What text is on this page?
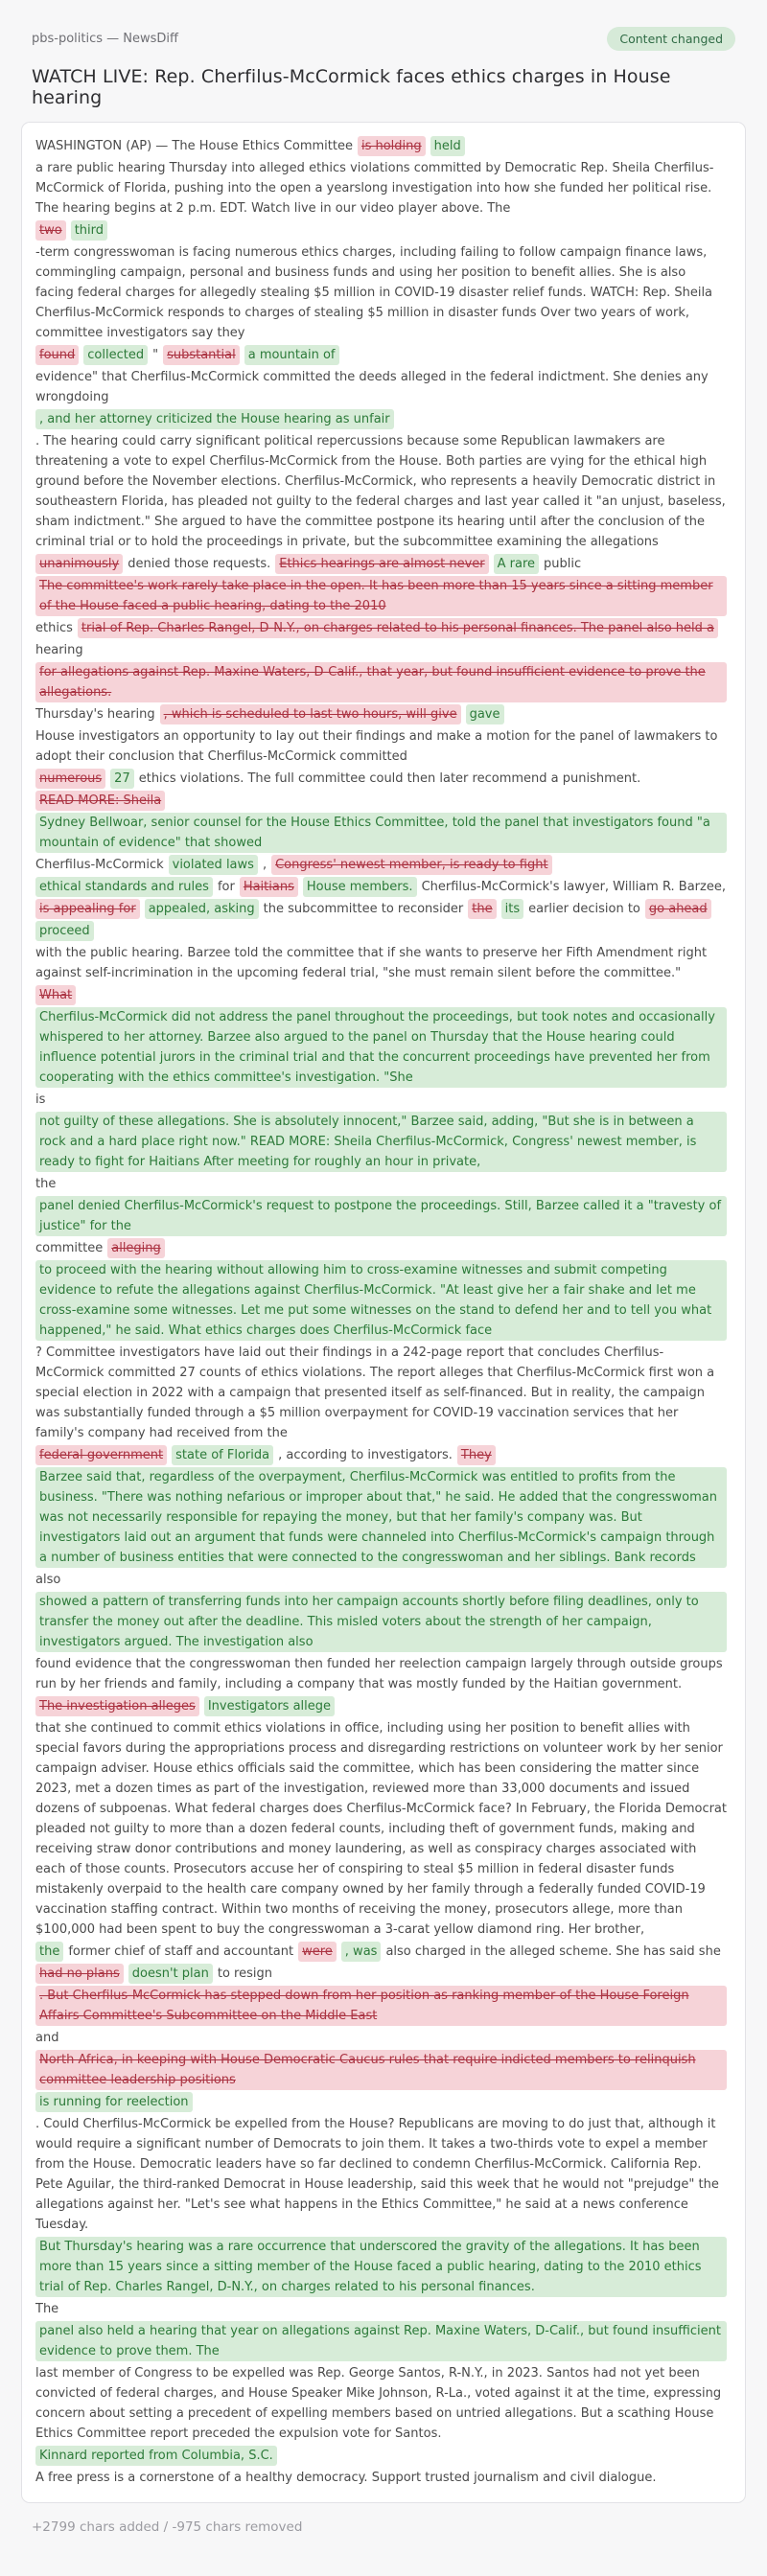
pbs-politics — NewsDiff	Content changed
WATCH LIVE: Rep. Cherfilus-McCormick faces ethics charges in House hearing
WASHINGTON (AP) — The House Ethics Committee is holding helda rare public hearing Thursday into alleged ethics violations committed by Democratic Rep. Sheila Cherfilus-McCormick of Florida, pushing into the open a yearslong investigation into how she funded her political rise. The hearing begins at 2 p.m. EDT. Watch live in our video player above. Thetwo third-term congresswoman is facing numerous ethics charges, including failing to follow campaign finance laws, commingling campaign, personal and business funds and using her position to benefit allies. She is also facing federal charges for allegedly stealing $5 million in COVID-19 disaster relief funds. WATCH: Rep. Sheila Cherfilus-McCormick responds to charges of stealing $5 million in disaster funds Over two years of work, committee investigators say theyfound collected " substantial a mountain ofevidence" that Cherfilus-McCormick committed the deeds alleged in the federal indictment. She denies any wrongdoing, and her attorney criticized the House hearing as unfair. The hearing could carry significant political repercussions because some Republican lawmakers are threatening a vote to expel Cherfilus-McCormick from the House. Both parties are vying for the ethical high ground before the November elections. Cherfilus-McCormick, who represents a heavily Democratic district in southeastern Florida, has pleaded not guilty to the federal charges and last year called it "an unjust, baseless, sham indictment." She argued to have the committee postpone its hearing until after the conclusion of the criminal trial or to hold the proceedings in private, but the subcommittee examining the allegationsunanimously denied those requests. Ethics hearings are almost never A rare publicThe committee's work rarely take place in the open. It has been more than 15 years since a sitting member of the House faced a public hearing, dating to the 2010ethics trial of Rep. Charles Rangel, D-N.Y., on charges related to his personal finances. The panel also held ahearingfor allegations against Rep. Maxine Waters, D-Calif., that year, but found insufficient evidence to prove the allegations.Thursday's hearing , which is scheduled to last two hours, will give gaveHouse investigators an opportunity to lay out their findings and make a motion for the panel of lawmakers to adopt their conclusion that Cherfilus-McCormick committednumerous 27 ethics violations. The full committee could then later recommend a punishment.READ MORE: SheilaSydney Bellwoar, senior counsel for the House Ethics Committee, told the panel that investigators found "a mountain of evidence" that showedCherfilus-McCormick violated laws , Congress' newest member, is ready to fightethical standards and rules for Haitians House members. Cherfilus-McCormick's lawyer, William R. Barzee,is appealing for appealed, asking the subcommittee to reconsider the its earlier decision to go aheadproceedwith the public hearing. Barzee told the committee that if she wants to preserve her Fifth Amendment right against self-incrimination in the upcoming federal trial, "she must remain silent before the committee."WhatCherfilus-McCormick did not address the panel throughout the proceedings, but took notes and occasionally whispered to her attorney. Barzee also argued to the panel on Thursday that the House hearing could influence potential jurors in the criminal trial and that the concurrent proceedings have prevented her from cooperating with the ethics committee's investigation. "Sheisnot guilty of these allegations. She is absolutely innocent," Barzee said, adding, "But she is in between a rock and a hard place right now." READ MORE: Sheila Cherfilus-McCormick, Congress' newest member, is ready to fight for Haitians After meeting for roughly an hour in private,thepanel denied Cherfilus-McCormick's request to postpone the proceedings. Still, Barzee called it a "travesty of justice" for thecommittee allegingto proceed with the hearing without allowing him to cross-examine witnesses and submit competing evidence to refute the allegations against Cherfilus-McCormick. "At least give her a fair shake and let me cross-examine some witnesses. Let me put some witnesses on the stand to defend her and to tell you what happened," he said. What ethics charges does Cherfilus-McCormick face? Committee investigators have laid out their findings in a 242-page report that concludes Cherfilus-McCormick committed 27 counts of ethics violations. The report alleges that Cherfilus-McCormick first won a special election in 2022 with a campaign that presented itself as self-financed. But in reality, the campaign was substantially funded through a $5 million overpayment for COVID-19 vaccination services that her family's company had received from thefederal government state of Florida , according to investigators. TheyBarzee said that, regardless of the overpayment, Cherfilus-McCormick was entitled to profits from the business. "There was nothing nefarious or improper about that," he said. He added that the congresswoman was not necessarily responsible for repaying the money, but that her family's company was. But investigators laid out an argument that funds were channeled into Cherfilus-McCormick's campaign through a number of business entities that were connected to the congresswoman and her siblings. Bank recordsalsoshowed a pattern of transferring funds into her campaign accounts shortly before filing deadlines, only to transfer the money out after the deadline. This misled voters about the strength of her campaign, investigators argued. The investigation alsofound evidence that the congresswoman then funded her reelection campaign largely through outside groups run by her friends and family, including a company that was mostly funded by the Haitian government.The investigation alleges Investigators allegethat she continued to commit ethics violations in office, including using her position to benefit allies with special favors during the appropriations process and disregarding restrictions on volunteer work by her senior campaign adviser. House ethics officials said the committee, which has been considering the matter since 2023, met a dozen times as part of the investigation, reviewed more than 33,000 documents and issued dozens of subpoenas. What federal charges does Cherfilus-McCormick face? In February, the Florida Democrat pleaded not guilty to more than a dozen federal counts, including theft of government funds, making and receiving straw donor contributions and money laundering, as well as conspiracy charges associated with each of those counts. Prosecutors accuse her of conspiring to steal $5 million in federal disaster funds mistakenly overpaid to the health care company owned by her family through a federally funded COVID-19 vaccination staffing contract. Within two months of receiving the money, prosecutors allege, more than $100,000 had been spent to buy the congresswoman a 3-carat yellow diamond ring. Her brother,the former chief of staff and accountant were , was also charged in the alleged scheme. She has said shehad no plans doesn't plan to resign. But Cherfilus-McCormick has stepped down from her position as ranking member of the House Foreign Affairs Committee's Subcommittee on the Middle EastandNorth Africa, in keeping with House Democratic Caucus rules that require indicted members to relinquish committee leadership positionsis running for reelection. Could Cherfilus-McCormick be expelled from the House? Republicans are moving to do just that, although it would require a significant number of Democrats to join them. It takes a two-thirds vote to expel a member from the House. Democratic leaders have so far declined to condemn Cherfilus-McCormick. California Rep. Pete Aguilar, the third-ranked Democrat in House leadership, said this week that he would not "prejudge" the allegations against her. "Let's see what happens in the Ethics Committee," he said at a news conference Tuesday.But Thursday's hearing was a rare occurrence that underscored the gravity of the allegations. It has been more than 15 years since a sitting member of the House faced a public hearing, dating to the 2010 ethics trial of Rep. Charles Rangel, D-N.Y., on charges related to his personal finances.Thepanel also held a hearing that year on allegations against Rep. Maxine Waters, D-Calif., but found insufficient evidence to prove them. Thelast member of Congress to be expelled was Rep. George Santos, R-N.Y., in 2023. Santos had not yet been convicted of federal charges, and House Speaker Mike Johnson, R-La., voted against it at the time, expressing concern about setting a precedent of expelling members based on untried allegations. But a scathing House Ethics Committee report preceded the expulsion vote for Santos.Kinnard reported from Columbia, S.C.A free press is a cornerstone of a healthy democracy. Support trusted journalism and civil dialogue.
+2799 chars added / -975 chars removed
